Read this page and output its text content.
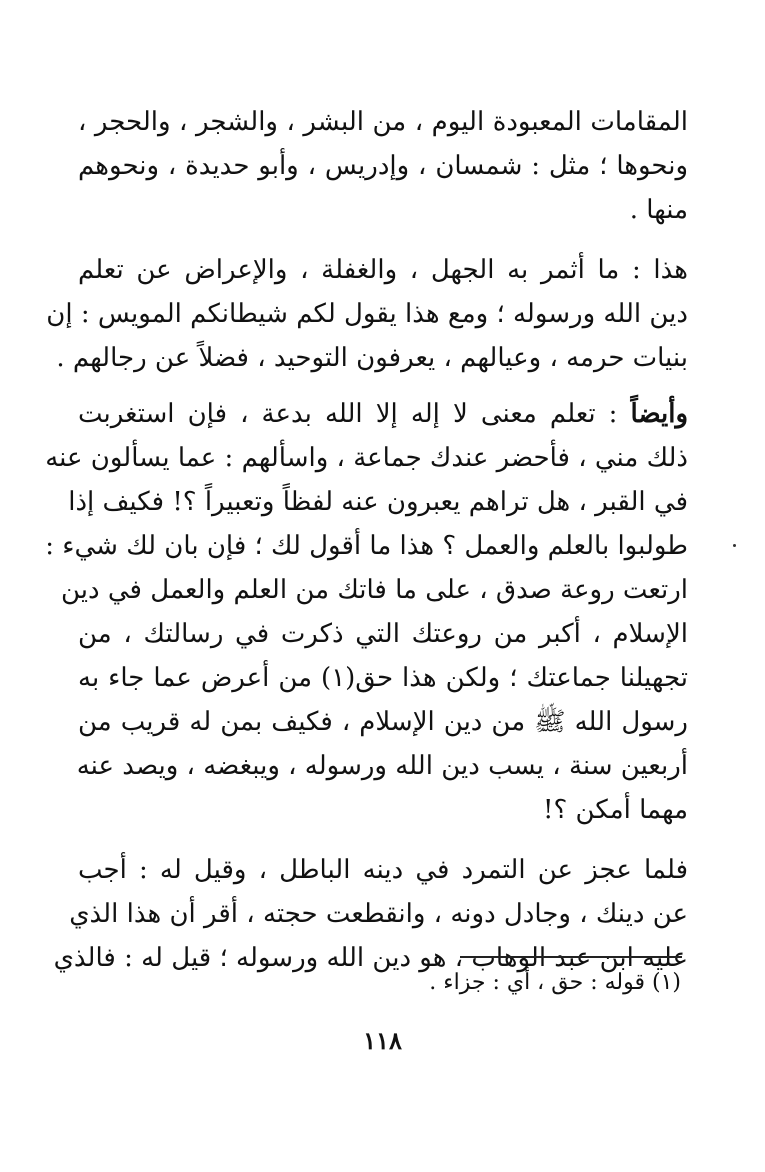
المقامات المعبودة اليوم ، من البشر ، والشجر ، والحجر ،
ونحوها ؛ مثل : شمسان ، وإدريس ، وأبو حديدة ، ونحوهم
منها .
هذا : ما أثمر به الجهل ، والغفلة ، والإعراض عن تعلم
دين الله ورسوله ؛ ومع هذا يقول لكم شيطانكم المويس : إن
بنيات حرمه ، وعيالهم ، يعرفون التوحيد ، فضلاً عن رجالهم .
وأيضاً : تعلم معنى لا إله إلا الله بدعة ، فإن استغربت
ذلك مني ، فأحضر عندك جماعة ، واسألهم : عما يسألون عنه
في القبر ، هل تراهم يعبرون عنه لفظاً وتعبيراً ؟! فكيف إذا
طولبوا بالعلم والعمل ؟ هذا ما أقول لك ؛ فإن بان لك شيء :
ارتعت روعة صدق ، على ما فاتك من العلم والعمل في دين
الإسلام ، أكبر من روعتك التي ذكرت في رسالتك ، من
تجهيلنا جماعتك ؛ ولكن هذا حق(١) من أعرض عما جاء به
رسول الله ﷺ من دين الإسلام ، فكيف بمن له قريب من
أربعين سنة ، يسب دين الله ورسوله ، ويبغضه ، ويصد عنه
مهما أمكن ؟!
فلما عجز عن التمرد في دينه الباطل ، وقيل له : أجب
عن دينك ، وجادل دونه ، وانقطعت حجته ، أقر أن هذا الذي
عليه ابن عبد الوهاب ، هو دين الله ورسوله ؛ قيل له : فالذي
(١) قوله : حق ، أي : جزاء .
١١٨
